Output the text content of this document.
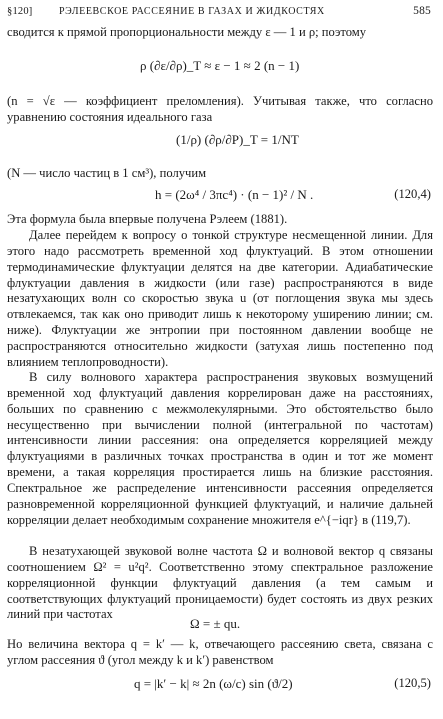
§120]	РЭЛЕЕВСКОЕ РАССЕЯНИЕ В ГАЗАХ И ЖИДКОСТЯХ	585
сводится к прямой пропорциональности между ε — 1 и ρ; поэтому
ρ (∂ε/∂ρ)_T ≈ ε − 1 ≈ 2 (n − 1)
(n = √ε — коэффициент преломления). Учитывая также, что согласно уравнению состояния идеального газа
(1/ρ) (∂ρ/∂P)_T = 1/NT
(N — число частиц в 1 см³), получим
h = (2ω⁴ / 3πc⁴) · (n − 1)² / N .	(120,4)
Эта формула была впервые получена Рэлеем (1881).
Далее перейдем к вопросу о тонкой структуре несмещенной линии. Для этого надо рассмотреть временной ход флуктуаций. В этом отношении термодинамические флуктуации делятся на две категории. Адиабатические флуктуации давления в жидкости (или газе) распространяются в виде незатухающих волн со скоростью звука u (от поглощения звука мы здесь отвлекаемся, так как оно приводит лишь к некоторому уширению линии; см. ниже). Флуктуации же энтропии при постоянном давлении вообще не распространяются относительно жидкости (затухая лишь постепенно под влиянием теплопроводности).
В силу волнового характера распространения звуковых возмущений временной ход флуктуаций давления коррелирован даже на расстояниях, больших по сравнению с межмолекулярными. Это обстоятельство было несущественно при вычислении полной (интегральной по частотам) интенсивности линии рассеяния: она определяется корреляцией между флуктуациями в различных точках пространства в один и тот же момент времени, а такая корреляция простирается лишь на близкие расстояния. Спектральное же распределение интенсивности рассеяния определяется разновременной корреляционной функцией флуктуаций, и наличие дальней корреляции делает необходимым сохранение множителя e^{−iqr} в (119,7).
В незатухающей звуковой волне частота Ω и волновой вектор q связаны соотношением Ω² = u²q². Соответственно этому спектральное разложение корреляционной функции флуктуаций давления (а тем самым и соответствующих флуктуаций проницаемости) будет состоять из двух резких линий при частотах
Ω = ± qu.
Но величина вектора q = k′ — k, отвечающего рассеянию света, связана с углом рассеяния ϑ (угол между k и k′) равенством
q = |k′ − k| ≈ 2n (ω/c) sin (ϑ/2)	(120,5)
